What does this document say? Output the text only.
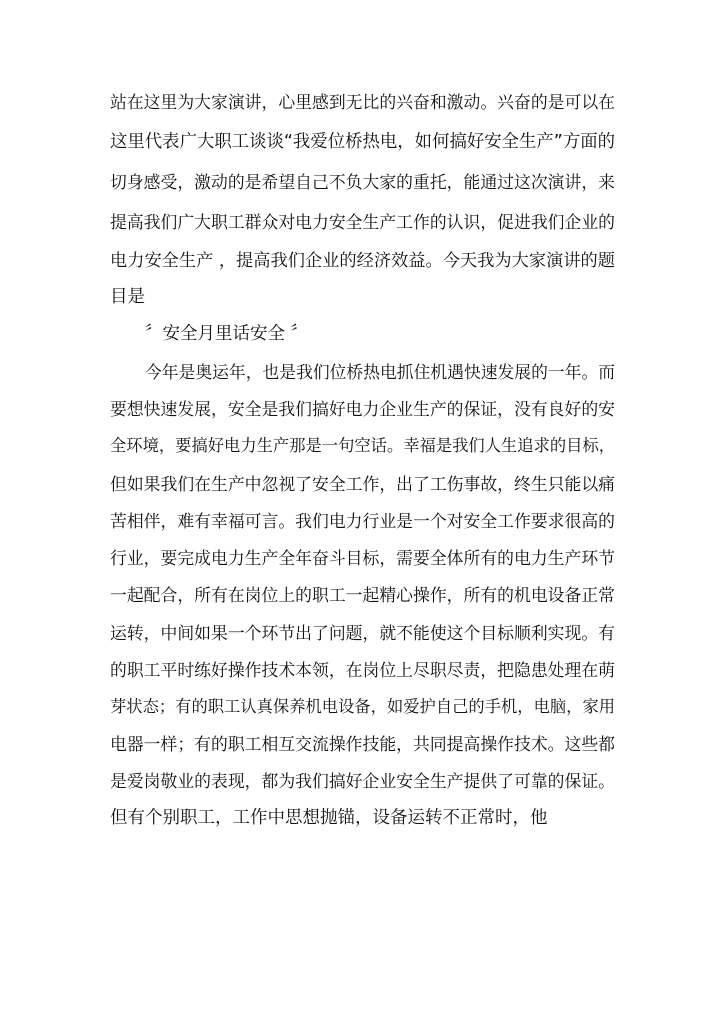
站在这里为大家演讲，心里感到无比的兴奋和激动。兴奋的是可以在
这里代表广大职工谈谈“我爱位桥热电，如何搞好安全生产”方面的
切身感受，激动的是希望自己不负大家的重托，能通过这次演讲，来
提高我们广大职工群众对电力安全生产工作的认识，促进我们企业的
电力安全生产 ，提高我们企业的经济效益。今天我为大家演讲的题
目是
〞安全月里话安全 〞
今年是奥运年，也是我们位桥热电抓住机遇快速发展的一年。而
要想快速发展，安全是我们搞好电力企业生产的保证，没有良好的安
全环境，要搞好电力生产那是一句空话。幸福是我们人生追求的目标，
但如果我们在生产中忽视了安全工作，出了工伤事故，终生只能以痛
苦相伴，难有幸福可言。我们电力行业是一个对安全工作要求很高的
行业，要完成电力生产全年奋斗目标，需要全体所有的电力生产环节
一起配合，所有在岗位上的职工一起精心操作，所有的机电设备正常
运转，中间如果一个环节出了问题，就不能使这个目标顺利实现。有
的职工平时练好操作技术本领，在岗位上尽职尽责，把隐患处理在萌
芽状态；有的职工认真保养机电设备，如爱护自己的手机，电脑，家用
电器一样；有的职工相互交流操作技能，共同提高操作技术。这些都
是爱岗敬业的表现，都为我们搞好企业安全生产提供了可靠的保证。
但有个别职工，工作中思想抛锚，设备运转不正常时，他
